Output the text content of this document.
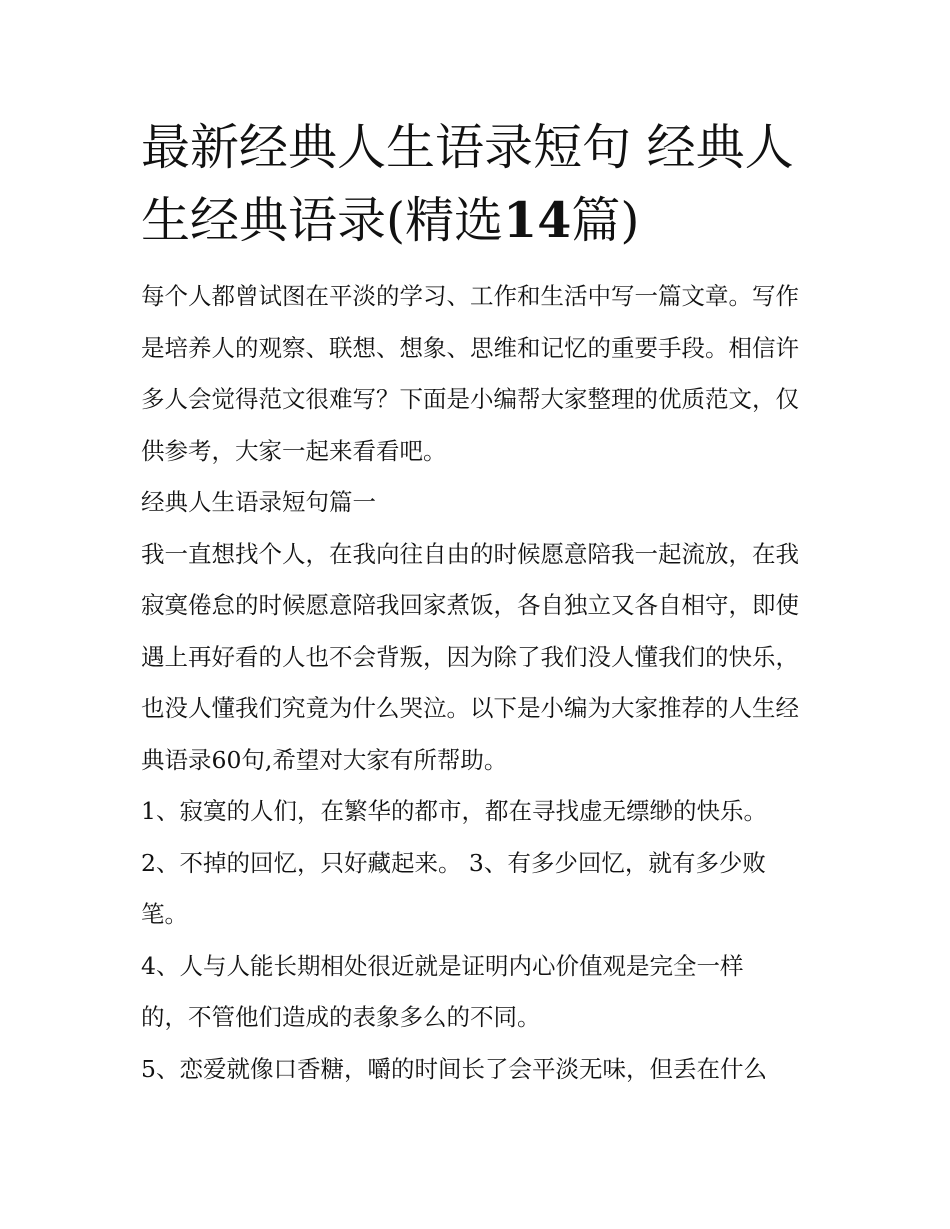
最新经典人生语录短句 经典人生经典语录(精选14篇)

每个人都曾试图在平淡的学习、工作和生活中写一篇文章。写作是培养人的观察、联想、想象、思维和记忆的重要手段。相信许多人会觉得范文很难写？下面是小编帮大家整理的优质范文，仅供参考，大家一起来看看吧。

经典人生语录短句篇一

我一直想找个人，在我向往自由的时候愿意陪我一起流放，在我寂寞倦怠的时候愿意陪我回家煮饭，各自独立又各自相守，即使遇上再好看的人也不会背叛，因为除了我们没人懂我们的快乐，也没人懂我们究竟为什么哭泣。以下是小编为大家推荐的人生经典语录60句,希望对大家有所帮助。

1、寂寞的人们，在繁华的都市，都在寻找虚无缥缈的快乐。

2、不掉的回忆，只好藏起来。 3、有多少回忆，就有多少败笔。

4、人与人能长期相处很近就是证明内心价值观是完全一样的，不管他们造成的表象多么的不同。

5、恋爱就像口香糖，嚼的时间长了会平淡无味，但丢在什么
